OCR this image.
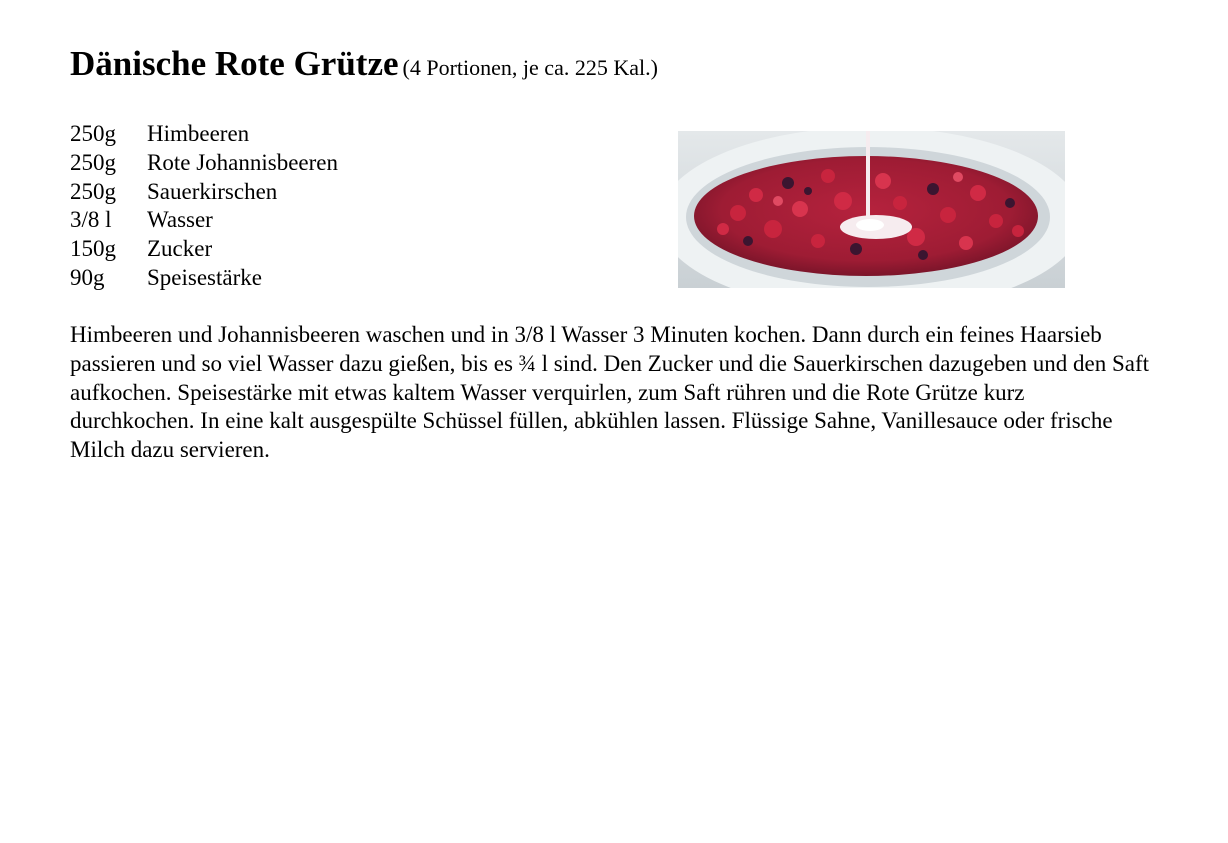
Dänische Rote Grütze (4 Portionen, je ca. 225 Kal.)
250g	Himbeeren
250g	Rote Johannisbeeren
250g	Sauerkirschen
3/8 l	Wasser
150g	Zucker
90g	Speisestärke
Himbeeren und Johannisbeeren waschen und in 3/8 l Wasser 3 Minuten kochen. Dann durch ein feines Haarsieb passieren und so viel Wasser dazu gießen, bis es ¾ l sind. Den Zucker und die Sauerkirschen dazugeben und den Saft aufkochen. Speisestärke mit etwas kaltem Wasser verquirlen, zum Saft rühren und die Rote Grütze kurz durchkochen. In eine kalt ausgespülte Schüssel füllen, abkühlen lassen. Flüssige Sahne, Vanillesauce oder frische Milch dazu servieren.
